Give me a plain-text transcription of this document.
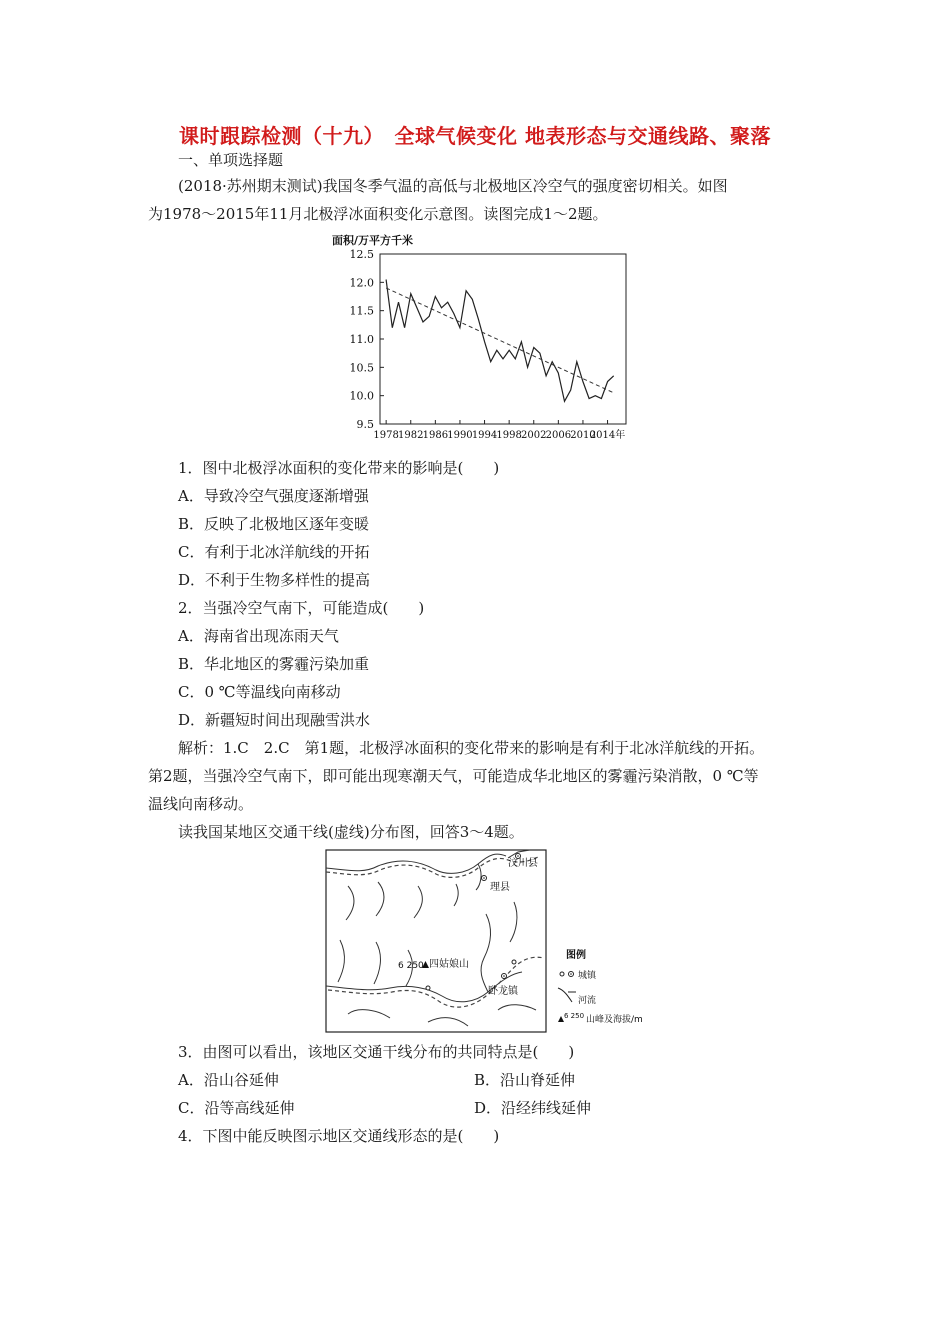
课时跟踪检测（十九）　全球气候变化 地表形态与交通线路、聚落
一、单项选择题
(2018·苏州期末测试)我国冬季气温的高低与北极地区冷空气的强度密切相关。如图
为1978～2015年11月北极浮冰面积变化示意图。读图完成1～2题。
面积/万平方千米
9.5
10.0
10.5
11.0
11.5
12.0
12.5
1978 1982 1986 1990 1994 1998 2002 2006 2010
2014年
1．图中北极浮冰面积的变化带来的影响是(　　)
A．导致冷空气强度逐渐增强
B．反映了北极地区逐年变暖
C．有利于北冰洋航线的开拓
D．不利于生物多样性的提高
2．当强冷空气南下，可能造成(　　)
A．海南省出现冻雨天气
B．华北地区的雾霾污染加重
C．0 ℃等温线向南移动
D．新疆短时间出现融雪洪水
解析：1.C　2.C　第1题，北极浮冰面积的变化带来的影响是有利于北冰洋航线的开拓。
第2题，当强冷空气南下，即可能出现寒潮天气，可能造成华北地区的雾霾污染消散，0 ℃等
温线向南移动。
读我国某地区交通干线(虚线)分布图，回答3～4题。
汶川县
理县
6 250 四姑娘山
卧龙镇
图例
城镇
河流
6 250 山峰及海拔/m
3．由图可以看出，该地区交通干线分布的共同特点是(　　)
A．沿山谷延伸	B．沿山脊延伸
C．沿等高线延伸	D．沿经纬线延伸
4．下图中能反映图示地区交通线形态的是(　　)
